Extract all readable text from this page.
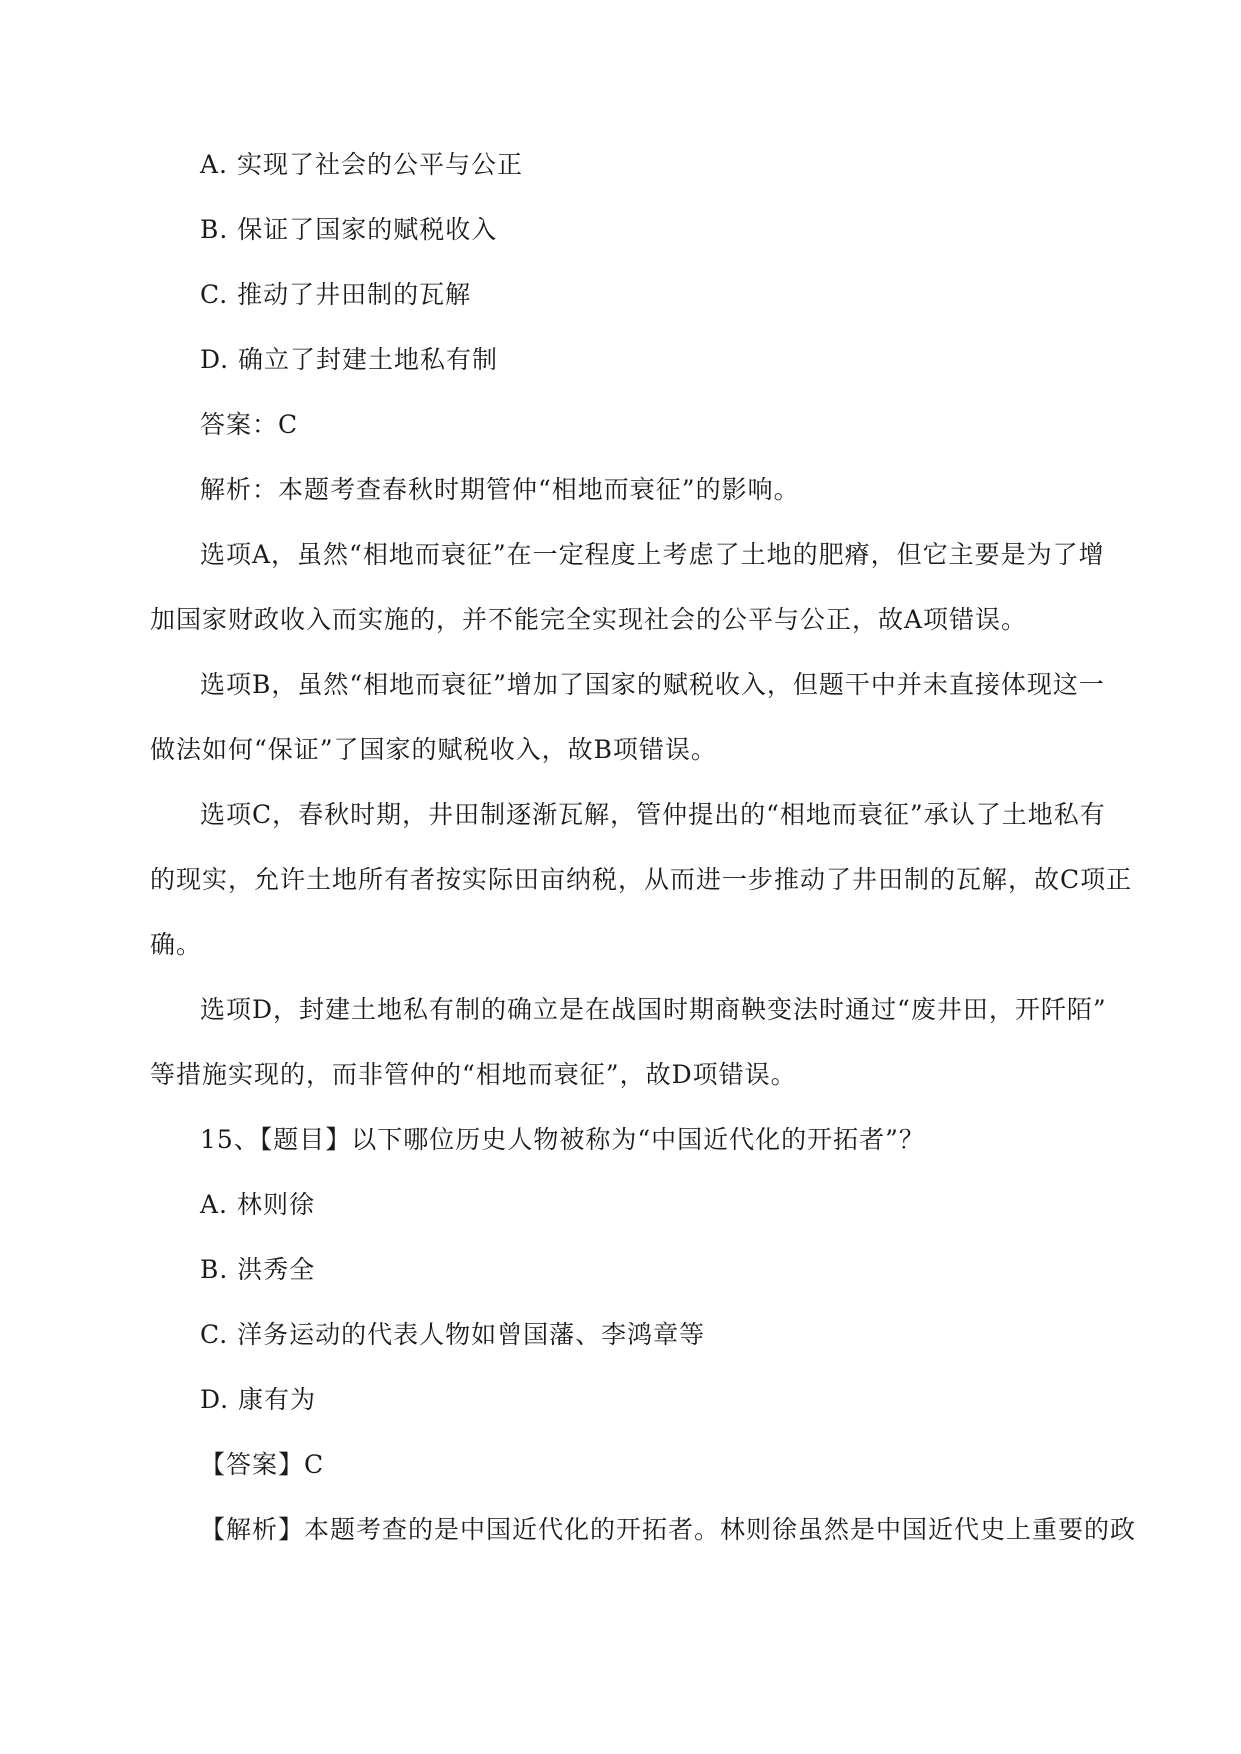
A. 实现了社会的公平与公正
B. 保证了国家的赋税收入
C. 推动了井田制的瓦解
D. 确立了封建土地私有制
答案：C
解析：本题考查春秋时期管仲“相地而衰征”的影响。
选项A，虽然“相地而衰征”在一定程度上考虑了土地的肥瘠，但它主要是为了增
加国家财政收入而实施的，并不能完全实现社会的公平与公正，故A项错误。
选项B，虽然“相地而衰征”增加了国家的赋税收入，但题干中并未直接体现这一
做法如何“保证”了国家的赋税收入，故B项错误。
选项C，春秋时期，井田制逐渐瓦解，管仲提出的“相地而衰征”承认了土地私有
的现实，允许土地所有者按实际田亩纳税，从而进一步推动了井田制的瓦解，故C项正
确。
选项D，封建土地私有制的确立是在战国时期商鞅变法时通过“废井田，开阡陌”
等措施实现的，而非管仲的“相地而衰征”，故D项错误。
15、【题目】以下哪位历史人物被称为“中国近代化的开拓者”？
A. 林则徐
B. 洪秀全
C. 洋务运动的代表人物如曾国藩、李鸿章等
D. 康有为
【答案】C
【解析】本题考查的是中国近代化的开拓者。林则徐虽然是中国近代史上重要的政
